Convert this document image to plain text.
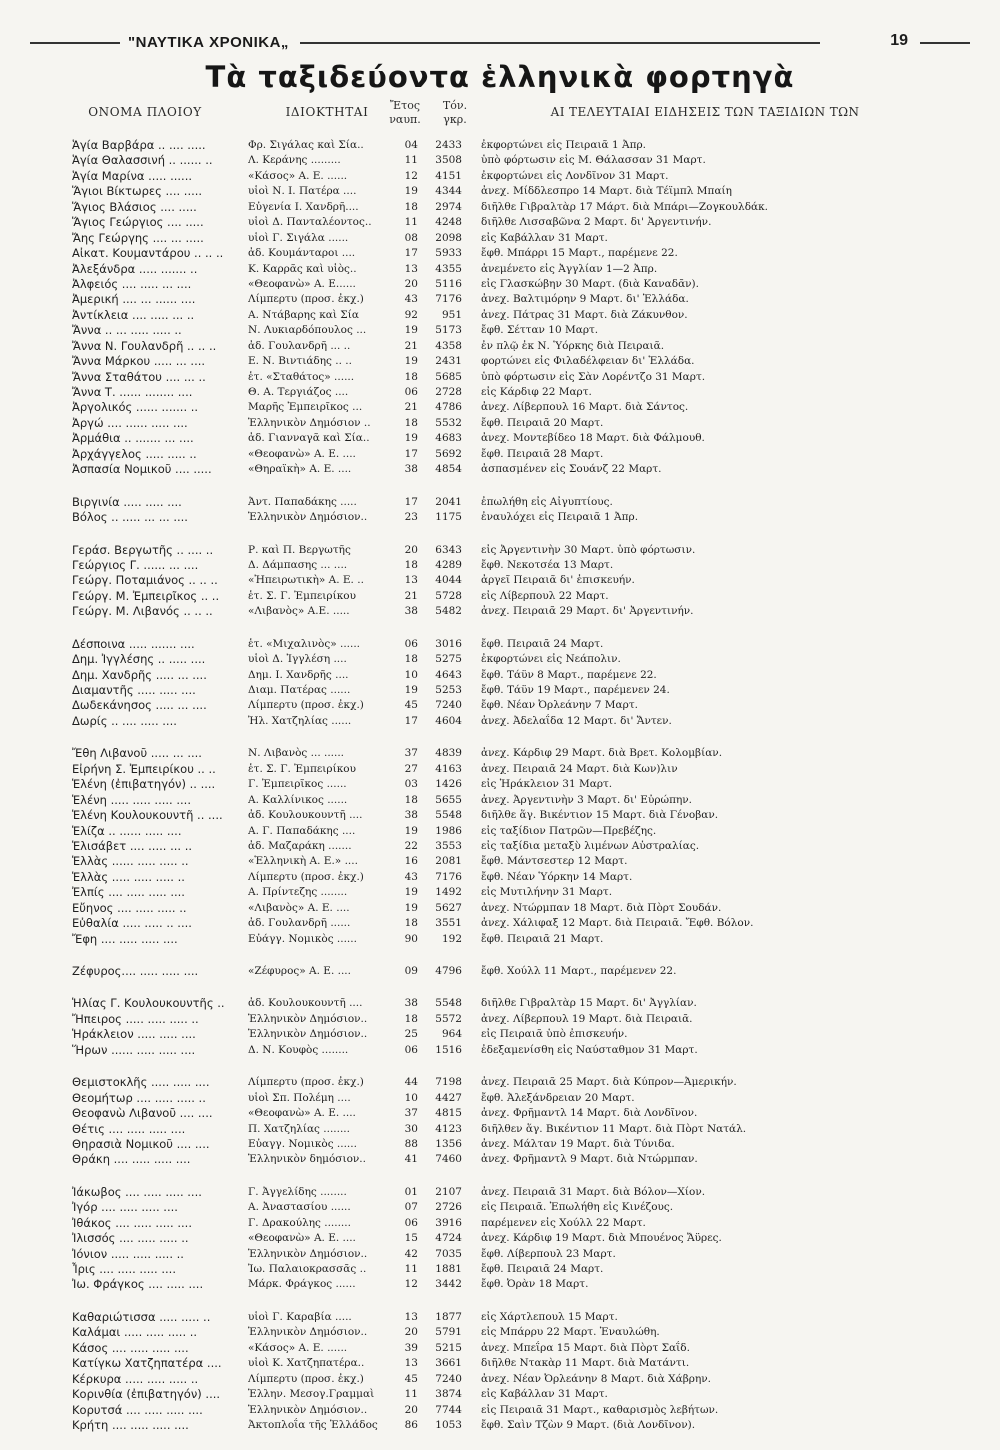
"ΝΑΥΤΙΚΑ ΧΡΟΝΙΚΑ„	19
Τὰ ταξιδεύοντα ἑλληνικὰ φορτηγὰ
ΟΝΟΜΑ ΠΛΟΙΟΥ	ΙΔΙΟΚΤΗΤΑΙ	Ἔτος
ναυπ.
Τόν.
γκρ.
ΑΙ ΤΕΛΕΥΤΑΙΑΙ ΕΙΔΗΣΕΙΣ ΤΩΝ ΤΑΞΙΔΙΩΝ ΤΩΝ
Ἁγία Βαρβάρα .. .... .....	Φρ. Σιγάλας καὶ Σία..	04	2433 ἐκφορτώνει εἰς Πειραιᾶ 1 Ἀπρ.
Ἁγία Θαλασσινή .. ...... ..	Λ. Κεράνης .........	11	3508 ὑπὸ φόρτωσιν εἰς Μ. Θάλασσαν 31 Μαρτ.
Ἁγία Μαρίνα ..... ......	«Κάσος» Α. Ε. ......	12	4151 ἐκφορτώνει εἰς Λονδῖνον 31 Μαρτ.
Ἅγιοι Βίκτωρες .... .....	υἱοὶ Ν. Ι. Πατέρα ....	19	4344 ἀνεχ. Μίδδλεσπρο 14 Μαρτ. διὰ Τέϊμπλ Μπαίη
Ἅγιος Βλάσιος .... .....	Εὐγενία Ι. Χανδρῆ....	18	2974 διῆλθε Γιβραλτὰρ 17 Μάρτ. διὰ Μπάρι—Ζογκουλδάκ.
Ἅγιος Γεώργιος .... .....	υἱοὶ Δ. Πανταλέοντος..	11	4248 διῆλθε Λισσαβῶνα 2 Μαρτ. δι' Ἀργεντινήν.
Ἄης Γεώργης .... ... .....	υἱοὶ Γ. Σιγάλα ......	08	2098 εἰς Καβάλλαν 31 Μαρτ.
Αἰκατ. Κουμαντάρου .. .. ..	ἀδ. Κουμάνταροι ....	17	5933 ἔφθ. Μπάρρι 15 Μαρτ., παρέμενε 22.
Ἀλεξάνδρα ..... ....... ..	Κ. Καρρᾶς καὶ υἱὸς..	13	4355 ἀνεμένετο εἰς Ἀγγλίαν 1—2 Ἀπρ.
Ἀλφειός .... ..... ... ....	«Θεοφανὼ» Α. Ε......	20	5116 εἰς Γλασκώβην 30 Μαρτ. (διὰ Καναδᾶν).
Ἀμερική .... ... ...... ....	Λίμπερτυ (προσ. ἐκχ.)	43	7176 ἀνεχ. Βαλτιμόρην 9 Μαρτ. δι' Ἑλλάδα.
Ἀντίκλεια .... ..... ... ..	Α. Ντάβαρης καὶ Σία	92	951 ἀνεχ. Πάτρας 31 Μαρτ. διὰ Ζάκυνθον.
Ἄννα .. ... ..... ..... ..	Ν. Λυκιαρδόπουλος ...	19	5173 ἔφθ. Σέτταν 10 Μαρτ.
Ἄννα Ν. Γουλανδρῆ .. .. ..	ἀδ. Γουλανδρῆ ... ..	21	4358 ἐν πλῷ ἐκ Ν. Ὑόρκης διὰ Πειραιᾶ.
Ἄννα Μάρκου ..... ... ....	Ε. Ν. Βιντιάδης .. ..	19	2431 φορτώνει εἰς Φιλαδέλφειαν δι' Ἑλλάδα.
Ἄννα Σταθάτου .... ... ..	ἑτ. «Σταθάτος» ......	18	5685 ὑπὸ φόρτωσιν εἰς Σὰν Λορέντζο 31 Μαρτ.
Ἄννα Τ. ...... ........ ....	Θ. Α. Τεργιάζος ....	06	2728 εἰς Κάρδιφ 22 Μαρτ.
Ἀργολικός ...... ....... ..	Μαρῆς Ἐμπειρῖκος ...	21	4786 ἀνεχ. Λίβερπουλ 16 Μαρτ. διὰ Σάντος.
Ἀργώ .... ...... ..... ....	Ἑλληνικὸν Δημόσιον ..	18	5532 ἔφθ. Πειραιᾶ 20 Μαρτ.
Ἀρμάθια .. ....... ... ....	ἀδ. Γιανναγᾶ καὶ Σία..	19	4683 ἀνεχ. Μοντεβίδεο 18 Μαρτ. διὰ Φάλμουθ.
Ἀρχάγγελος ..... ..... ..	«Θεοφανὼ» Α. Ε. ....	17	5692 ἔφθ. Πειραιᾶ 28 Μαρτ.
Ἀσπασία Νομικοῦ .... .....	«Θηραϊκὴ» Α. Ε. ....	38	4854 ἀσπασμένεν εἰς Σουάνζ 22 Μαρτ.
Βιργινία ..... ..... ....	Ἀντ. Παπαδάκης .....	17	2041 ἐπωλήθη εἰς Αἰγυπτίους.
Βόλος .. ..... ... ... ....	Ἑλληνικὸν Δημόσιον..	23	1175 ἐναυλόχει εἰς Πειραιᾶ 1 Ἀπρ.
Γεράσ. Βεργωτῆς .. .... ..	Ρ. καὶ Π. Βεργωτῆς	20	6343 εἰς Ἀργεντινὴν 30 Μαρτ. ὑπὸ φόρτωσιν.
Γεώργιος Γ. ...... ... ....	Δ. Δάμπασης ... ....	18	4289 ἔφθ. Νεκοτσέα 13 Μαρτ.
Γεώργ. Ποταμιάνος .. .. ..	«Ἠπειρωτικὴ» Α. Ε. ..	13	4044 ἀργεῖ Πειραιᾶ δι' ἐπισκευήν.
Γεώργ. Μ. Ἐμπειρῖκος .. ..	ἑτ. Σ. Γ. Ἐμπειρίκου	21	5728 εἰς Λίβερπουλ 22 Μαρτ.
Γεώργ. Μ. Λιβανός .. .. ..	«Λιβανὸς» Α.Ε. .....	38	5482 ἀνεχ. Πειραιᾶ 29 Μαρτ. δι' Ἀργεντινήν.
Δέσποινα ..... ....... ....	ἑτ. «Μιχαλινὸς» ......	06	3016 ἔφθ. Πειραιᾶ 24 Μαρτ.
Δημ. Ἰγγλέσης .. ..... ....	υἱοὶ Δ. Ἰγγλέση ....	18	5275 ἐκφορτώνει εἰς Νεάπολιν.
Δημ. Χανδρῆς ..... ... ....	Δημ. Ι. Χανδρῆς ....	10	4643 ἔφθ. Τάϋν 8 Μαρτ., παρέμενε 22.
Διαμαντῆς ..... ..... ....	Διαμ. Πατέρας ......	19	5253 ἔφθ. Τάϋν 19 Μαρτ., παρέμενεν 24.
Δωδεκάνησος ..... ... ....	Λίμπερτυ (προσ. ἐκχ.)	45	7240 ἔφθ. Νέαν Ὀρλεάνην 7 Μαρτ.
Δωρίς .. .... ..... ....	Ἠλ. Χατζηλίας ......	17	4604 ἀνεχ. Ἀδελαΐδα 12 Μαρτ. δι' Ἄντεν.
Ἔθη Λιβανοῦ ..... ... ....	Ν. Λιβανὸς ... ......	37	4839 ἀνεχ. Κάρδιφ 29 Μαρτ. διὰ Βρετ. Κολομβίαν.
Εἰρήνη Σ. Ἐμπειρίκου .. ..	ἑτ. Σ. Γ. Ἐμπειρίκου	27	4163 ἀνεχ. Πειραιᾶ 24 Μαρτ. διὰ Κων)λιν
Ἑλένη (ἐπιβατηγόν) .. ....	Γ. Ἐμπειρῖκος ......	03	1426 εἰς Ἡράκλειον 31 Μαρτ.
Ἑλένη ..... ..... ..... ....	Α. Καλλίνικος ......	18	5655 ἀνεχ. Ἀργεντινὴν 3 Μαρτ. δι' Εὐρώπην.
Ἑλένη Κουλουκουντῆ .. ....	ἀδ. Κουλουκουντῆ ....	38	5548 διῆλθε ἅγ. Βικέντιον 15 Μαρτ. διὰ Γένοβαν.
Ἑλίζα .. ...... ..... ....	Α. Γ. Παπαδάκης ....	19	1986 εἰς ταξίδιον Πατρῶν—Πρεβέζης.
Ἑλισάβετ .... ..... ... ..	ἀδ. Μαζαράκη .......	22	3553 εἰς ταξίδια μεταξὺ λιμένων Αὐστραλίας.
Ἑλλὰς ...... ..... ..... ..	«Ἑλληνικὴ Α. Ε.» ....	16	2081 ἔφθ. Μάντσεστερ 12 Μαρτ.
Ἑλλὰς ..... ..... ..... ..	Λίμπερτυ (προσ. ἐκχ.)	43	7176 ἔφθ. Νέαν Ὑόρκην 14 Μαρτ.
Ἐλπίς .... ..... ..... ....	Α. Πρίντεζης ........	19	1492 εἰς Μυτιλήνην 31 Μαρτ.
Εὔηνος .... ..... ..... ..	«Λιβανὸς» Α. Ε. ....	19	5627 ἀνεχ. Ντώρμπαν 18 Μαρτ. διὰ Πὸρτ Σουδάν.
Εὐθαλία ..... ..... .. ....	ἀδ. Γουλανδρῆ ......	18	3551 ἀνεχ. Χάλιφαξ 12 Μαρτ. διὰ Πειραιᾶ. Ἔφθ. Βόλον.
Ἔφη .... ..... ..... ....	Εὐάγγ. Νομικὸς ......	90	192 ἔφθ. Πειραιᾶ 21 Μαρτ.
Ζέφυρος.... ..... ..... ....	«Ζέφυρος» Α. Ε. ....	09	4796 ἔφθ. Χούλλ 11 Μαρτ., παρέμενεν 22.
Ἡλίας Γ. Κουλουκουντῆς ..	ἀδ. Κουλουκουντῆ ....	38	5548 διῆλθε Γιβραλτὰρ 15 Μαρτ. δι' Ἀγγλίαν.
Ἤπειρος ..... ..... ..... ..	Ἑλληνικὸν Δημόσιον..	18	5572 ἀνεχ. Λίβερπουλ 19 Μαρτ. διὰ Πειραιᾶ.
Ἡράκλειον ..... ..... ....	Ἑλληνικὸν Δημόσιον..	25	964 εἰς Πειραιᾶ ὑπὸ ἐπισκευήν.
Ἥρων ...... ..... ..... ....	Δ. Ν. Κουφὸς ........	06	1516 ἐδεξαμενίσθη εἰς Ναύσταθμον 31 Μαρτ.
Θεμιστοκλῆς ..... ..... ....	Λίμπερτυ (προσ. ἐκχ.)	44	7198 ἀνεχ. Πειραιᾶ 25 Μαρτ. διὰ Κύπρον—Ἀμερικήν.
Θεομήτωρ .... ..... ..... ..	υἱοὶ Σπ. Πολέμη ....	10	4427 ἔφθ. Ἀλεξάνδρειαν 20 Μαρτ.
Θεοφανὼ Λιβανοῦ .... ....	«Θεοφανὼ» Α. Ε. ....	37	4815 ἀνεχ. Φρῆμαντλ 14 Μαρτ. διὰ Λονδῖνον.
Θέτις .... ..... ..... ....	Π. Χατζηλίας ........	30	4123 διῆλθεν ἅγ. Βικέντιον 11 Μαρτ. διὰ Πὸρτ Νατάλ.
Θηρασιὰ Νομικοῦ .... ....	Εὐαγγ. Νομικὸς ......	88	1356 ἀνεχ. Μάλταν 19 Μαρτ. διὰ Τύνιδα.
Θράκη .... ..... ..... ....	Ἑλληνικὸν δημόσιον..	41	7460 ἀνεχ. Φρῆμαντλ 9 Μαρτ. διὰ Ντώρμπαν.
Ἰάκωβος .... ..... ..... ....	Γ. Ἀγγελίδης ........	01	2107 ἀνεχ. Πειραιᾶ 31 Μαρτ. διὰ Βόλον—Χίον.
Ἰγόρ .... ..... ..... ....	Α. Ἀναστασίου ......	07	2726 εἰς Πειραιᾶ. Ἐπωλήθη εἰς Κινέζους.
Ἰθάκος .... ..... ..... ....	Γ. Δρακούλης ........	06	3916 παρέμενεν εἰς Χούλλ 22 Μαρτ.
Ἰλισσός .... ..... ..... ..	«Θεοφανὼ» Α. Ε. ....	15	4724 ἀνεχ. Κάρδιφ 19 Μαρτ. διὰ Μπουένος Ἄϋρες.
Ἰόνιον ..... ..... ..... ..	Ἑλληνικὸν Δημόσιον..	42	7035 ἔφθ. Λίβερπουλ 23 Μαρτ.
Ἶρις .... ..... ..... ....	Ἰω. Παλαιοκρασσᾶς ..	11	1881 ἔφθ. Πειραιᾶ 24 Μαρτ.
Ἰω. Φράγκος .... ..... ....	Μάρκ. Φράγκος ......	12	3442 ἔφθ. Ὀρὰν 18 Μαρτ.
Καθαριώτισσα ..... ..... ..	υἱοὶ Γ. Καραβία .....	13	1877 εἰς Χάρτλεπουλ 15 Μαρτ.
Καλάμαι ..... ..... ..... ..	Ἑλληνικὸν Δημόσιον..	20	5791 εἰς Μπάρρυ 22 Μαρτ. Ἐναυλώθη.
Κάσος .... ..... ..... ....	«Κάσος» Α. Ε. ......	39	5215 ἀνεχ. Μπεΐρα 15 Μαρτ. διὰ Πὸρτ Σαΐδ.
Κατίγκω Χατζηπατέρα ....	υἱοὶ Κ. Χατζηπατέρα..	13	3661 διῆλθε Ντακὰρ 11 Μαρτ. διὰ Ματάντι.
Κέρκυρα ..... ..... ..... ..	Λίμπερτυ (προσ. ἐκχ.)	45	7240 ἀνεχ. Νέαν Ὀρλεάνην 8 Μαρτ. διὰ Χάβρην.
Κορινθία (ἐπιβατηγόν) ....	Ἑλλην. Μεσογ.Γραμμαὶ	11	3874 εἰς Καβάλλαν 31 Μαρτ.
Κορυτσά .... ..... ..... ....	Ἑλληνικὸν Δημόσιον..	20	7744 εἰς Πειραιᾶ 31 Μαρτ., καθαρισμὸς λεβήτων.
Κρήτη .... ..... ..... ....	Ἀκτοπλοΐα τῆς Ἑλλάδος	86	1053 ἔφθ. Σαὶν Τζὼν 9 Μαρτ. (διὰ Λονδῖνον).
